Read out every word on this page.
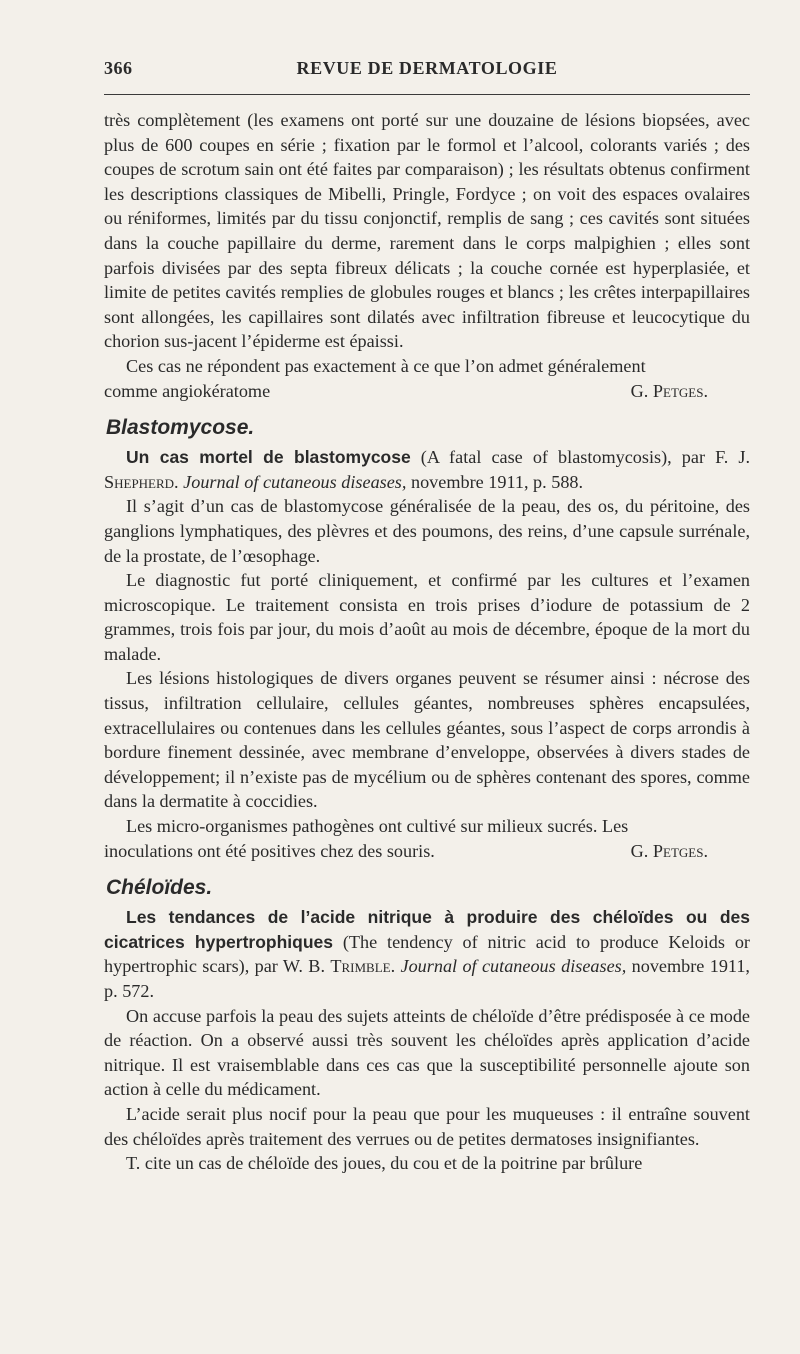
366	REVUE DE DERMATOLOGIE

très complètement (les examens ont porté sur une douzaine de lésions biopsées, avec plus de 600 coupes en série ; fixation par le formol et l’alcool, colorants variés ; des coupes de scrotum sain ont été faites par comparaison) ; les résultats obtenus confirment les descriptions classiques de Mibelli, Pringle, Fordyce ; on voit des espaces ovalaires ou réniformes, limités par du tissu conjonctif, remplis de sang ; ces cavités sont situées dans la couche papillaire du derme, rarement dans le corps malpighien ; elles sont parfois divisées par des septa fibreux délicats ; la couche cornée est hyperplasiée, et limite de petites cavités remplies de globules rouges et blancs ; les crêtes interpapillaires sont allongées, les capillaires sont dilatés avec infiltration fibreuse et leucocytique du chorion sus-jacent l’épiderme est épaissi.

Ces cas ne répondent pas exactement à ce que l’on admet généralement

comme angiokératome	G. Petges.
Blastomycose.

Un cas mortel de blastomycose (A fatal case of blastomycosis), par F. J. Shepherd. Journal of cutaneous diseases, novembre 1911, p. 588.

Il s’agit d’un cas de blastomycose généralisée de la peau, des os, du péritoine, des ganglions lymphatiques, des plèvres et des poumons, des reins, d’une capsule surrénale, de la prostate, de l’œsophage.

Le diagnostic fut porté cliniquement, et confirmé par les cultures et l’examen microscopique. Le traitement consista en trois prises d’iodure de potassium de 2 grammes, trois fois par jour, du mois d’août au mois de décembre, époque de la mort du malade.

Les lésions histologiques de divers organes peuvent se résumer ainsi : nécrose des tissus, infiltration cellulaire, cellules géantes, nombreuses sphères encapsulées, extracellulaires ou contenues dans les cellules géantes, sous l’aspect de corps arrondis à bordure finement dessinée, avec membrane d’enveloppe, observées à divers stades de développement; il n’existe pas de mycélium ou de sphères contenant des spores, comme dans la dermatite à coccidies.

Les micro-organismes pathogènes ont cultivé sur milieux sucrés. Les

inoculations ont été positives chez des souris.	G. Petges.
Chéloïdes.

Les tendances de l’acide nitrique à produire des chéloïdes ou des cicatrices hypertrophiques (The tendency of nitric acid to produce Keloids or hypertrophic scars), par W. B. Trimble. Journal of cutaneous diseases, novembre 1911, p. 572.

On accuse parfois la peau des sujets atteints de chéloïde d’être prédisposée à ce mode de réaction. On a observé aussi très souvent les chéloïdes après application d’acide nitrique. Il est vraisemblable dans ces cas que la susceptibilité personnelle ajoute son action à celle du médicament.

L’acide serait plus nocif pour la peau que pour les muqueuses : il entraîne souvent des chéloïdes après traitement des verrues ou de petites dermatoses insignifiantes.

T. cite un cas de chéloïde des joues, du cou et de la poitrine par brûlure
